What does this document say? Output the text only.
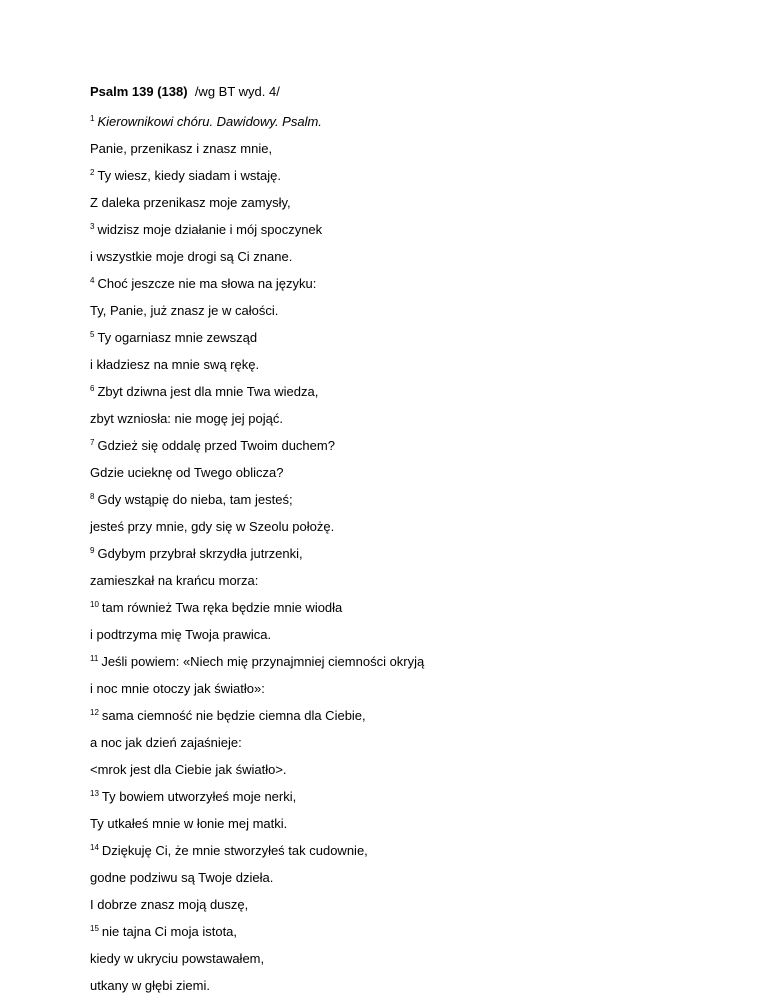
Psalm 139 (138) /wg BT wyd. 4/
$^1$ Kierownikowi chóru. Dawidowy. Psalm.
Panie, przenikasz i znasz mnie,
$^2$ Ty wiesz, kiedy siadam i wstaję.
Z daleka przenikasz moje zamysły,
$^3$ widzisz moje działanie i mój spoczynek
i wszystkie moje drogi są Ci znane.
$^4$ Choć jeszcze nie ma słowa na języku:
Ty, Panie, już znasz je w całości.
$^5$ Ty ogarniasz mnie zewsząd
i kładziesz na mnie swą rękę.
$^6$ Zbyt dziwna jest dla mnie Twa wiedza,
zbyt wzniosła: nie mogę jej pojąć.
$^7$ Gdzież się oddalę przed Twoim duchem?
Gdzie ucieknę od Twego oblicza?
$^8$ Gdy wstąpię do nieba, tam jesteś;
jesteś przy mnie, gdy się w Szeolu położę.
$^9$ Gdybym przybrał skrzydła jutrzenki,
zamieszkał na krańcu morza:
$^{10}$ tam również Twa ręka będzie mnie wiodła
i podtrzyma mię Twoja prawica.
$^{11}$ Jeśli powiem: «Niech mię przynajmniej ciemności okryją
i noc mnie otoczy jak światło»:
$^{12}$ sama ciemność nie będzie ciemna dla Ciebie,
a noc jak dzień zajaśnieje:
<mrok jest dla Ciebie jak światło>.
$^{13}$ Ty bowiem utworzyłeś moje nerki,
Ty utkałeś mnie w łonie mej matki.
$^{14}$ Dziękuję Ci, że mnie stworzyłeś tak cudownie,
godne podziwu są Twoje dzieła.
I dobrze znasz moją duszę,
$^{15}$ nie tajna Ci moja istota,
kiedy w ukryciu powstawałem,
utkany w głębi ziemi.
